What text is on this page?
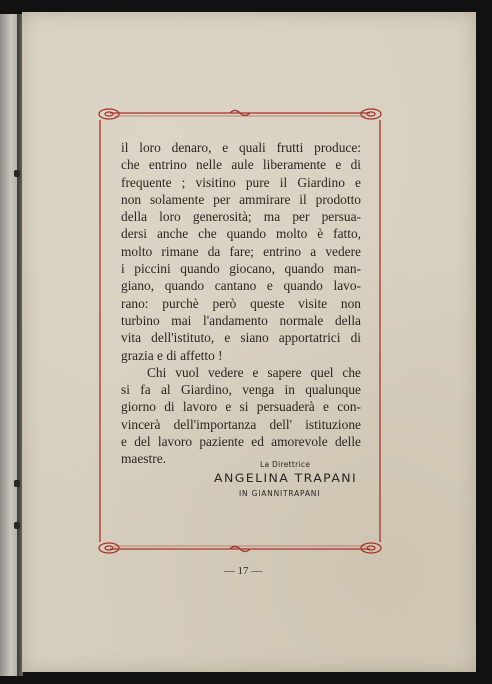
il loro denaro, e quali frutti produce:
che entrino nelle aule liberamente e di
frequente ; visitino pure il Giardino e
non solamente per ammirare il prodotto
della loro generosità; ma per persua-
dersi anche che quando molto è fatto,
molto rimane da fare; entrino a vedere
i piccini quando giocano, quando man-
giano, quando cantano e quando lavo-
rano: purchè però queste visite non
turbino mai l'andamento normale della
vita dell'istituto, e siano apportatrici di
grazia e di affetto !
Chi vuol vedere e sapere quel che
si fa al Giardino, venga in qualunque
giorno di lavoro e si persuaderà e con-
vincerà dell'importanza dell' istituzione
e del lavoro paziente ed amorevole delle
maestre.	La Direttrice
ANGELINA TRAPANI
IN GIANNITRAPANI
— 17 —
